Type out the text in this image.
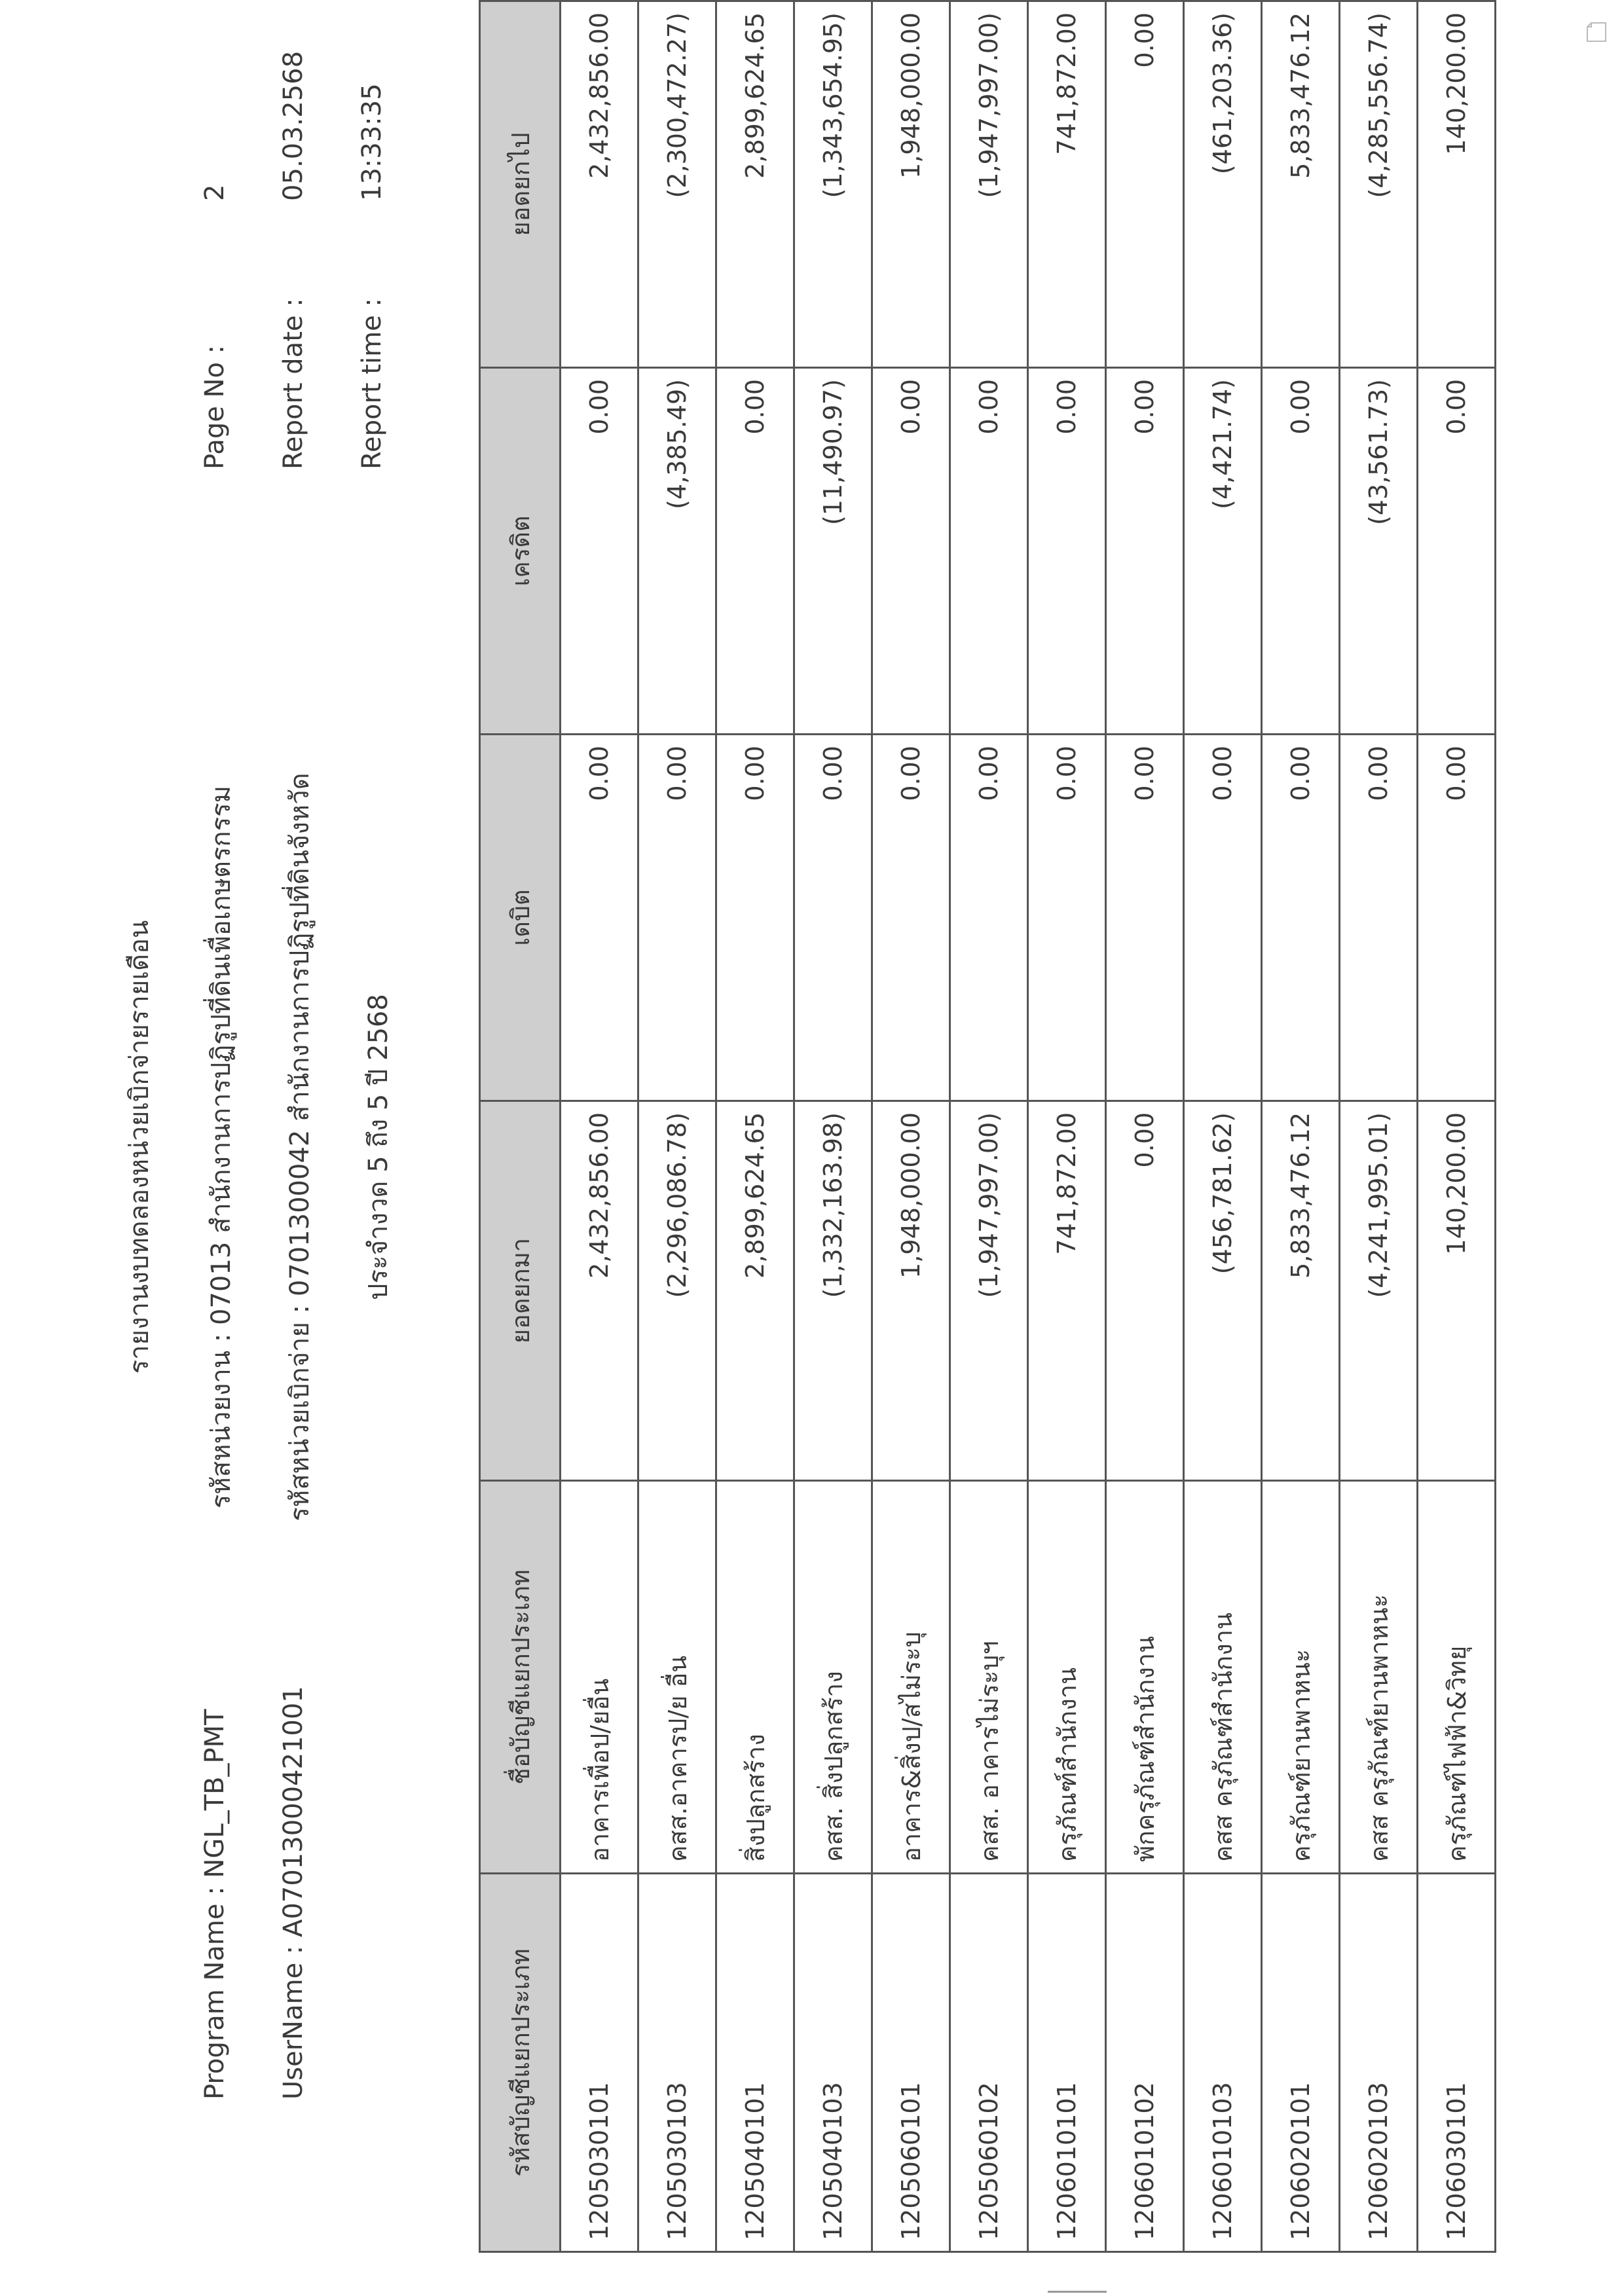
รายงานงบทดลองหน่วยเบิกจ่ายรายเดือน รหัสหน่วยงาน : 07013 สำนักงานการปฏิรูปที่ดินเพื่อเกษตรกรรม รหัสหน่วยเบิกจ่าย : 0701300042 สำนักงานการปฏิรูปที่ดินจังหวัด ประจำงวด 5 ถึง 5 ปี 2568
Program Name : NGL_TB_PMT UserName : A07013000421001
Page No :
2
Report date :
05.03.2568
Report time :
13:33:35
รหัสบัญชีแยกประเภท	ชื่อบัญชีแยกประเภท	ยอดยกมา	เดบิต	เครดิต	ยอดยกไป
1205030101	อาคารเพื่อป/ยอื่น	2,432,856.00	0.00	0.00	2,432,856.00
1205030103	คสส.อาคารป/ย อื่น	(2,296,086.78)	0.00	(4,385.49)	(2,300,472.27)
1205040101	สิ่งปลูกสร้าง	2,899,624.65	0.00	0.00	2,899,624.65
1205040103	คสส. สิ่งปลูกสร้าง	(1,332,163.98)	0.00	(11,490.97)	(1,343,654.95)
1205060101	อาคาร&สิ่งป/สไม่ระบุ	1,948,000.00	0.00	0.00	1,948,000.00
1205060102	คสส. อาคารไม่ระบุฯ	(1,947,997.00)	0.00	0.00	(1,947,997.00)
1206010101	ครุภัณฑ์สำนักงาน	741,872.00	0.00	0.00	741,872.00
1206010102	พักครุภัณฑ์สำนักงาน	0.00	0.00	0.00	0.00
1206010103	คสส ครุภัณฑ์สำนักงาน	(456,781.62)	0.00	(4,421.74)	(461,203.36)
1206020101	ครุภัณฑ์ยานพาหนะ	5,833,476.12	0.00	0.00	5,833,476.12
1206020103	คสส ครุภัณฑ์ยานพาหนะ	(4,241,995.01)	0.00	(43,561.73)	(4,285,556.74)
1206030101	ครุภัณฑ์ไฟฟ้า&วิทยุ	140,200.00	0.00	0.00	140,200.00
